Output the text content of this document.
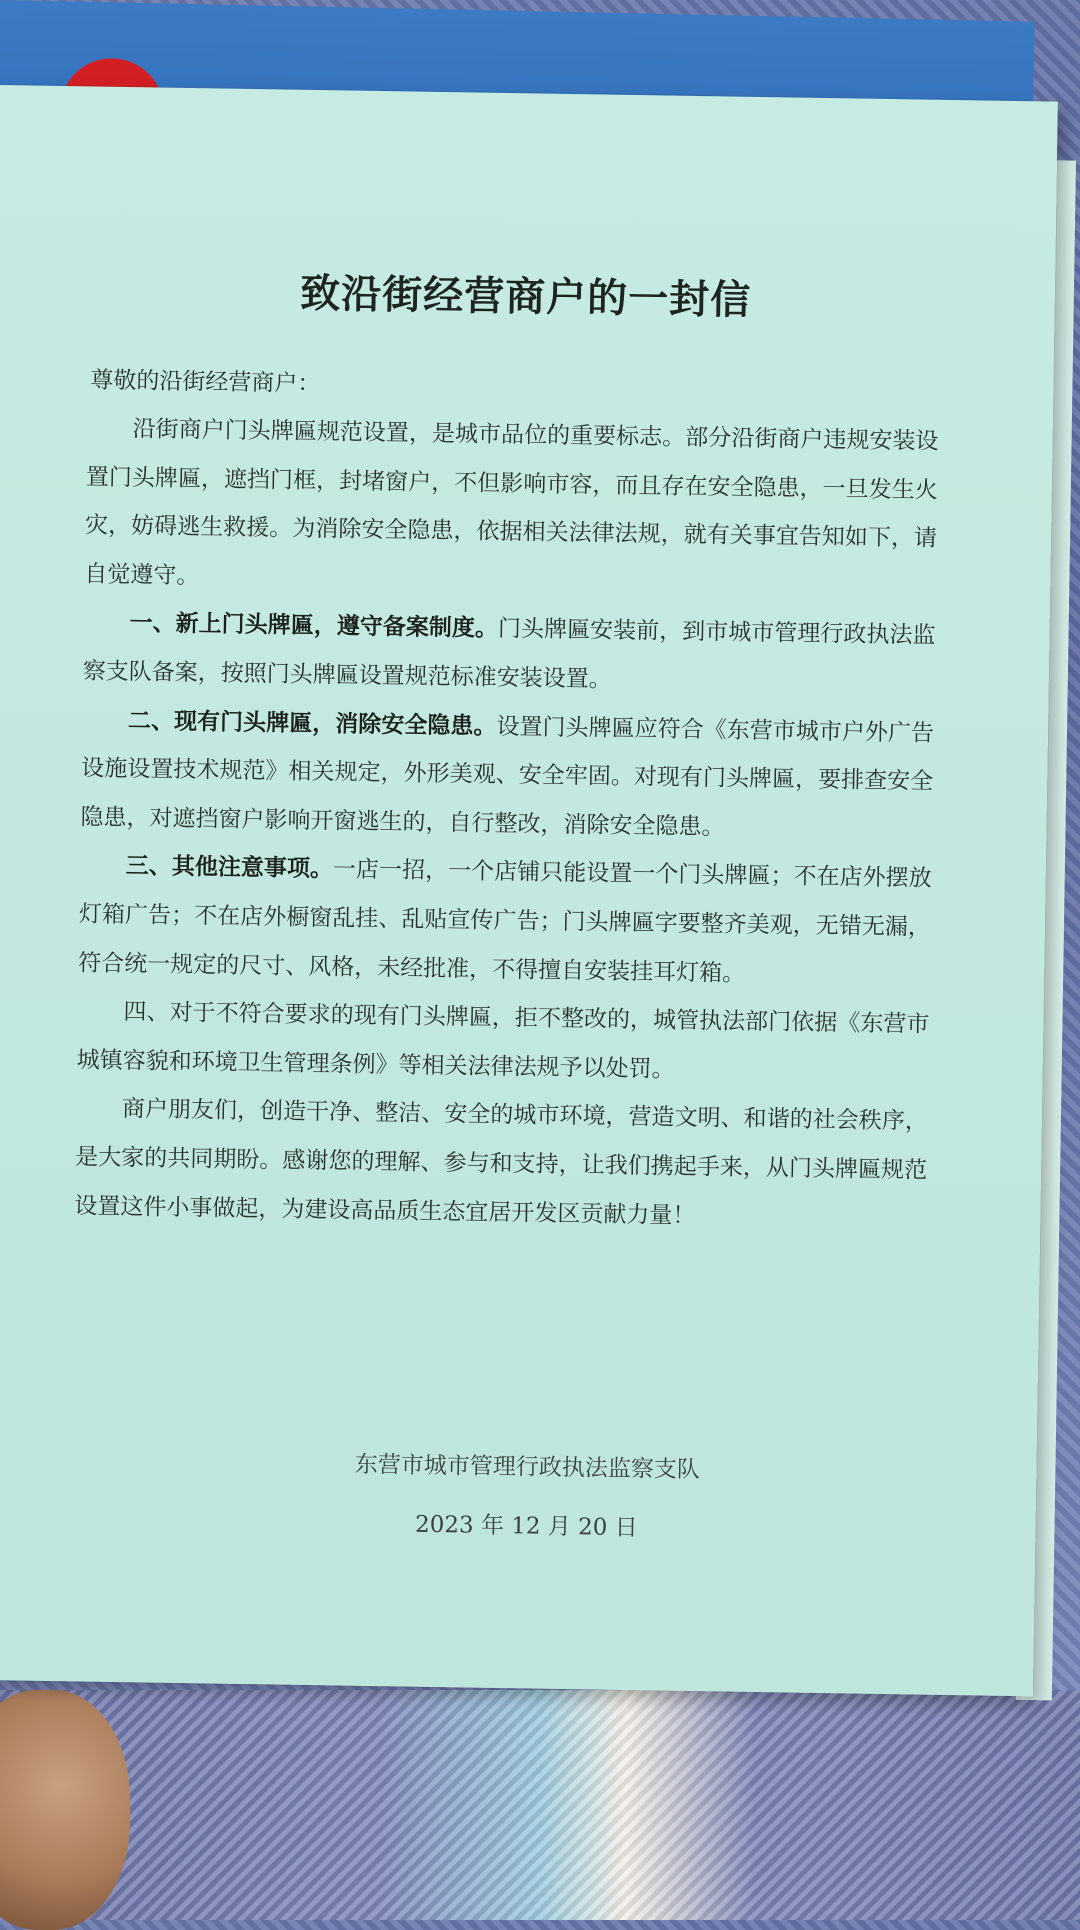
致沿街经营商户的一封信
尊敬的沿街经营商户：

沿街商户门头牌匾规范设置，是城市品位的重要标志。部分沿街商户违规安装设置门头牌匾，遮挡门框，封堵窗户，不但影响市容，而且存在安全隐患，一旦发生火灾，妨碍逃生救援。为消除安全隐患，依据相关法律法规，就有关事宜告知如下，请自觉遵守。

一、新上门头牌匾，遵守备案制度。门头牌匾安装前，到市城市管理行政执法监察支队备案，按照门头牌匾设置规范标准安装设置。

二、现有门头牌匾，消除安全隐患。设置门头牌匾应符合《东营市城市户外广告设施设置技术规范》相关规定，外形美观、安全牢固。对现有门头牌匾，要排查安全隐患，对遮挡窗户影响开窗逃生的，自行整改，消除安全隐患。

三、其他注意事项。一店一招，一个店铺只能设置一个门头牌匾；不在店外摆放灯箱广告；不在店外橱窗乱挂、乱贴宣传广告；门头牌匾字要整齐美观，无错无漏，符合统一规定的尺寸、风格，未经批准，不得擅自安装挂耳灯箱。

四、对于不符合要求的现有门头牌匾，拒不整改的，城管执法部门依据《东营市城镇容貌和环境卫生管理条例》等相关法律法规予以处罚。

商户朋友们，创造干净、整洁、安全的城市环境，营造文明、和谐的社会秩序，是大家的共同期盼。感谢您的理解、参与和支持，让我们携起手来，从门头牌匾规范设置这件小事做起，为建设高品质生态宜居开发区贡献力量！

东营市城市管理行政执法监察支队
2023 年 12 月 20 日
